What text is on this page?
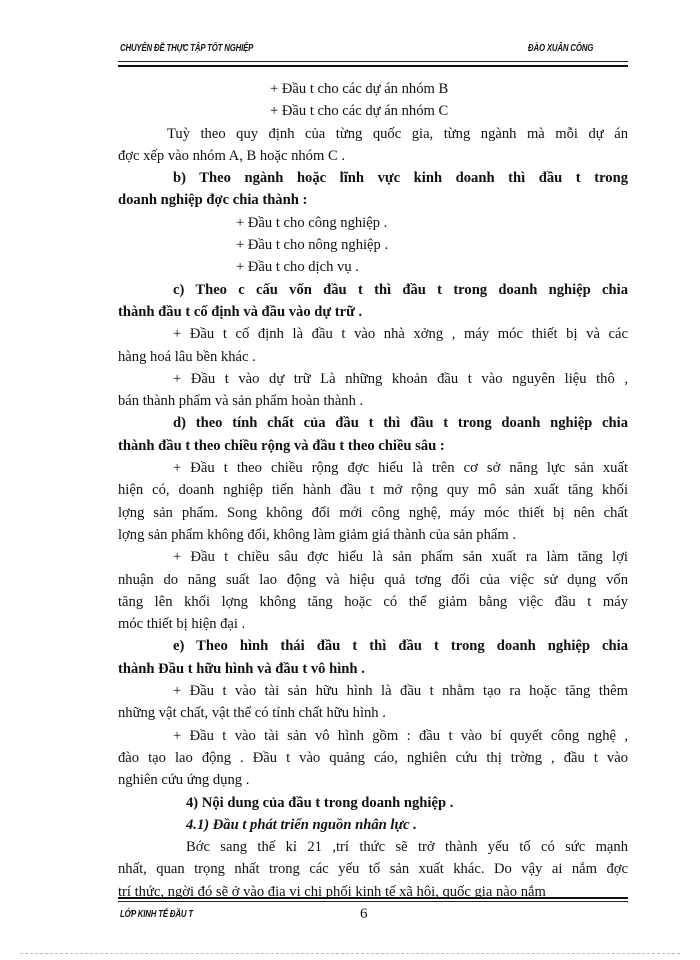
CHUYÊN ĐỀ THỰC TẬP TỐT NGHIỆP	ĐÀO XUÂN CÔNG

+ Đầu t cho các dự án nhóm B

+ Đầu t cho các dự án nhóm C

Tuỳ theo quy định của từng quốc gia, từng ngành mà mỗi dự án

đợc xếp vào nhóm A, B hoặc nhóm C .

b) Theo ngành hoặc lĩnh vực kinh doanh thì đầu t trong

doanh nghiệp đợc chia thành :

+ Đầu t cho công nghiệp .

+ Đầu t cho nông nghiệp .

+ Đầu t cho dịch vụ .

c) Theo c cấu vốn đầu t thì đầu t trong doanh nghiệp chia

thành đầu t cố định và đầu vào dự trữ .

+ Đầu t cố định là đầu t vào nhà xởng , máy móc thiết bị và các

hàng hoá lâu bền khác .

+ Đầu t vào dự trữ Là những khoản đầu t vào nguyên liệu thô ,

bán thành phẩm và sản phẩm hoàn thành .

d) theo tính chất của đầu t thì đầu t trong doanh nghiệp chia

thành đầu t theo chiều rộng và đầu t theo chiều sâu :

+ Đầu t theo chiều rộng đợc hiểu là trên cơ sở năng lực sản xuất

hiện có, doanh nghiệp tiến hành đầu t mở rộng quy mô sản xuất tăng khối

lợng sản phẩm. Song không đổi mới công nghệ, máy móc thiết bị nên chất

lợng sản phẩm không đổi, không làm giảm giá thành của sản phẩm .

+ Đầu t chiều sâu đợc hiểu là sản phẩm sản xuất ra làm tăng lợi

nhuận do năng suất lao động và hiệu quả tơng đối của việc sử dụng vốn

tăng lên khối lợng không tăng hoặc có thể giảm bằng việc đầu t máy

móc thiết bị hiện đại .

e) Theo hình thái đầu t thì đầu t trong doanh nghiệp chia

thành Đầu t hữu hình và đầu t vô hình .

+ Đầu t vào tài sản hữu hình là đầu t nhằm tạo ra hoặc tăng thêm

những vật chất, vật thể có tính chất hữu hình .

+ Đầu t vào tài sản vô hình gồm : đầu t vào bí quyết công nghệ ,

đào tạo lao động . Đầu t vào quảng cáo, nghiên cứu thị trờng , đầu t vào

nghiên cứu ứng dụng .

4) Nội dung của đầu t trong doanh nghiệp .

4.1) Đầu t phát triển nguồn nhân lực .

Bớc sang thế kỉ 21 ,trí thức sẽ trở thành yếu tố có sức mạnh

nhất, quan trọng nhất trong các yếu tố sản xuất khác. Do vậy ai nắm đợc

trí thức, ngời đó sẽ ở vào địa vị chi phối kinh tế xã hội, quốc gia nào nắm

LỚP KINH TẾ ĐẦU T	6
